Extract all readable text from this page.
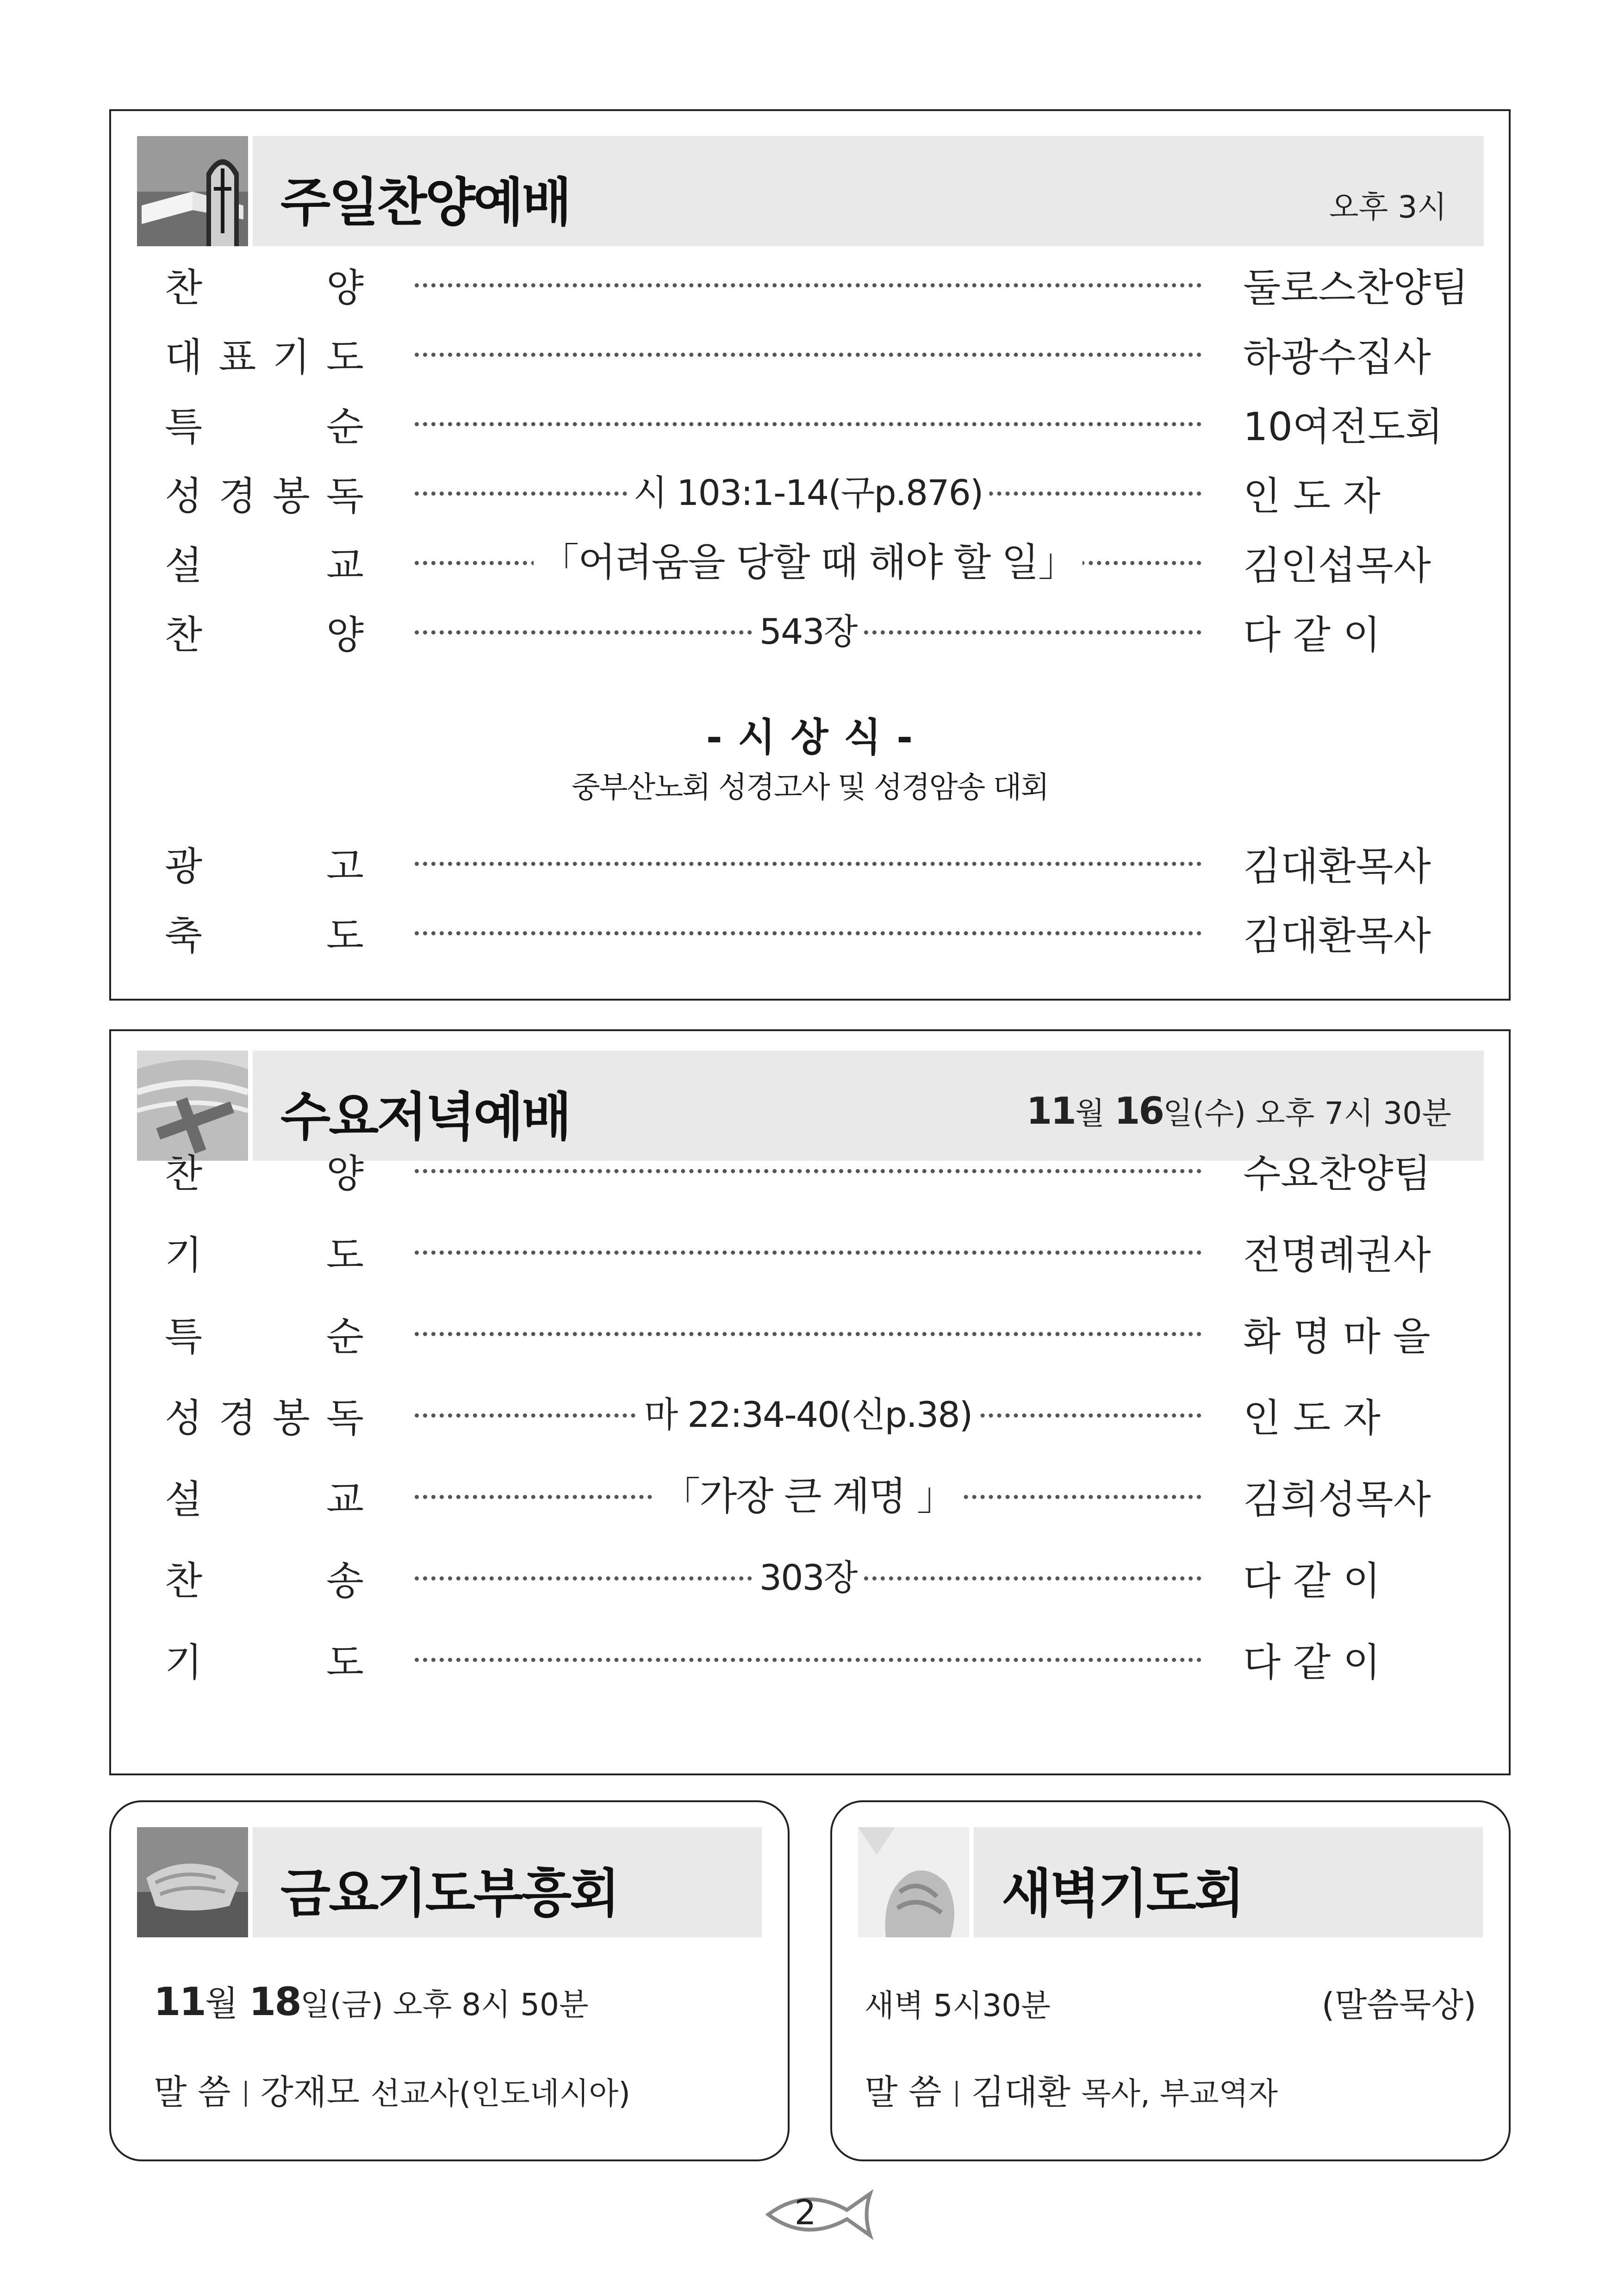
주일찬양예배	오후 3시
찬	양	둘로스찬양팀
대 표 기 도	하광수집사
특	순	10여전도회
성 경 봉 독	시 103:1-14(구p.876)	인 도 자
설	교	「어려움을 당할 때 해야 할 일」	김인섭목사
찬	양	543장	다 같 이
- 시 상 식 -
중부산노회 성경고사 및 성경암송 대회
광	고	김대환목사
축	도	김대환목사
수요저녁예배	11월 16일(수) 오후 7시 30분
찬	양	수요찬양팀
기	도	전명례권사
특	순	화 명 마 을
성 경 봉 독	마 22:34-40(신p.38)	인 도 자
설	교	「가장 큰 계명 」	김희성목사
찬	송	303장	다 같 이
기	도	다 같 이
금요기도부흥회
11월 18일(금) 오후 8시 50분
말 씀 강재모 선교사(인도네시아)
새벽기도회
새벽 5시30분	(말씀묵상)
말 씀 김대환 목사, 부교역자
2
